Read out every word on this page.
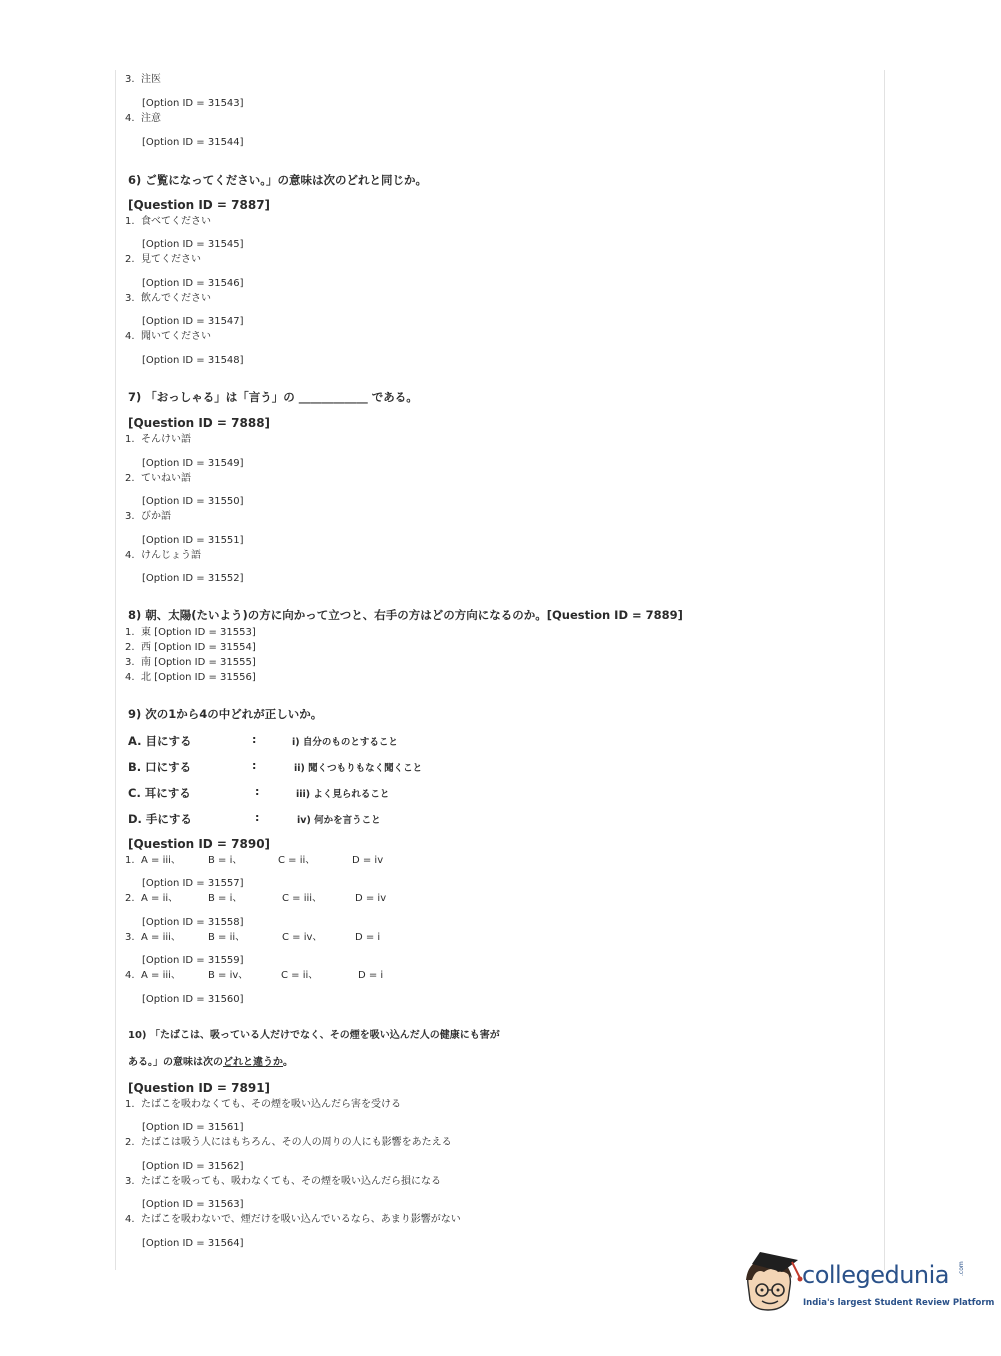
3. 注医
[Option ID = 31543]
4. 注意
[Option ID = 31544]
6) ご覧になってください。」の意味は次のどれと同じか。
[Question ID = 7887]
1. 食べてください
[Option ID = 31545]
2. 見てください
[Option ID = 31546]
3. 飲んでください
[Option ID = 31547]
4. 聞いてください
[Option ID = 31548]
7) 「おっしゃる」は「言う」の ____________ である。
[Question ID = 7888]
1. そんけい語
[Option ID = 31549]
2. ていねい語
[Option ID = 31550]
3. びか語
[Option ID = 31551]
4. けんじょう語
[Option ID = 31552]
8) 朝、太陽(たいよう)の方に向かって立つと、右手の方はどの方向になるのか。[Question ID = 7889]
1. 東 [Option ID = 31553]
2. 西 [Option ID = 31554]
3. 南 [Option ID = 31555]
4. 北 [Option ID = 31556]
9) 次の1から4の中どれが正しいか。
A. 目にする	:	i) 自分のものとすること
B. 口にする	:	ii) 聞くつもりもなく聞くこと
C. 耳にする	:	iii) よく見られること
D. 手にする	:	iv) 何かを言うこと
[Question ID = 7890]
1. A = iii、	B = i、	C = ii、	D = iv
[Option ID = 31557]
2. A = ii、	B = i、	C = iii、	D = iv
[Option ID = 31558]
3. A = iii、	B = ii、	C = iv、	D = i
[Option ID = 31559]
4. A = iii、	B = iv、	C = ii、	D = i
[Option ID = 31560]
10) 「たばこは、吸っている人だけでなく、その煙を吸い込んだ人の健康にも害が
ある。」の意味は次のどれと違うか。
[Question ID = 7891]
1. たばこを吸わなくても、その煙を吸い込んだら害を受ける
[Option ID = 31561]
2. たばこは吸う人にはもちろん、その人の周りの人にも影響をあたえる
[Option ID = 31562]
3. たばこを吸っても、吸わなくても、その煙を吸い込んだら損になる
[Option ID = 31563]
4. たばこを吸わないで、煙だけを吸い込んでいるなら、あまり影響がない
[Option ID = 31564]
collegedunia .com
India's largest Student Review Platform
